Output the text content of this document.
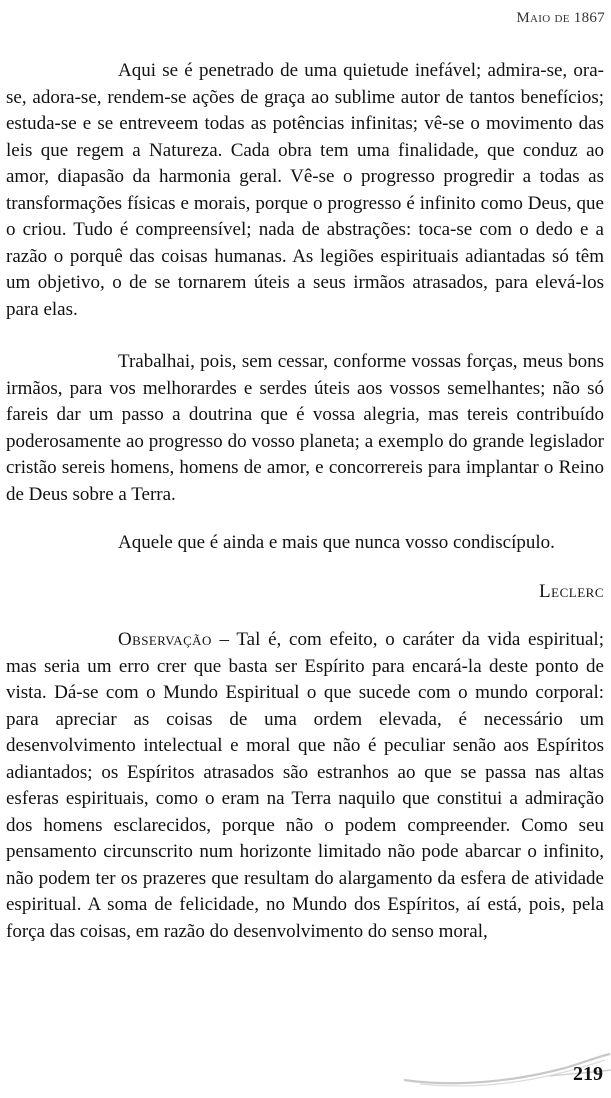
Maio de 1867

Aqui se é penetrado de uma quietude inefável; admira-se, ora-se, adora-se, rendem-se ações de graça ao sublime autor de tantos benefícios; estuda-se e se entreveem todas as potências infinitas; vê-se o movimento das leis que regem a Natureza. Cada obra tem uma finalidade, que conduz ao amor, diapasão da harmonia geral. Vê-se o progresso progredir a todas as transformações físicas e morais, porque o progresso é infinito como Deus, que o criou. Tudo é compreensível; nada de abstrações: toca-se com o dedo e a razão o porquê das coisas humanas. As legiões espirituais adiantadas só têm um objetivo, o de se tornarem úteis a seus irmãos atrasados, para elevá-los para elas.

Trabalhai, pois, sem cessar, conforme vossas forças, meus bons irmãos, para vos melhorardes e serdes úteis aos vossos semelhantes; não só fareis dar um passo a doutrina que é vossa alegria, mas tereis contribuído poderosamente ao progresso do vosso planeta; a exemplo do grande legislador cristão sereis homens, homens de amor, e concorrereis para implantar o Reino de Deus sobre a Terra.

Aquele que é ainda e mais que nunca vosso condiscípulo.

Leclerc

Observação – Tal é, com efeito, o caráter da vida espiritual; mas seria um erro crer que basta ser Espírito para encará-la deste ponto de vista. Dá-se com o Mundo Espiritual o que sucede com o mundo corporal: para apreciar as coisas de uma ordem elevada, é necessário um desenvolvimento intelectual e moral que não é peculiar senão aos Espíritos adiantados; os Espíritos atrasados são estranhos ao que se passa nas altas esferas espirituais, como o eram na Terra naquilo que constitui a admiração dos homens esclarecidos, porque não o podem compreender. Como seu pensamento circunscrito num horizonte limitado não pode abarcar o infinito, não podem ter os prazeres que resultam do alargamento da esfera de atividade espiritual. A soma de felicidade, no Mundo dos Espíritos, aí está, pois, pela força das coisas, em razão do desenvolvimento do senso moral,

219
